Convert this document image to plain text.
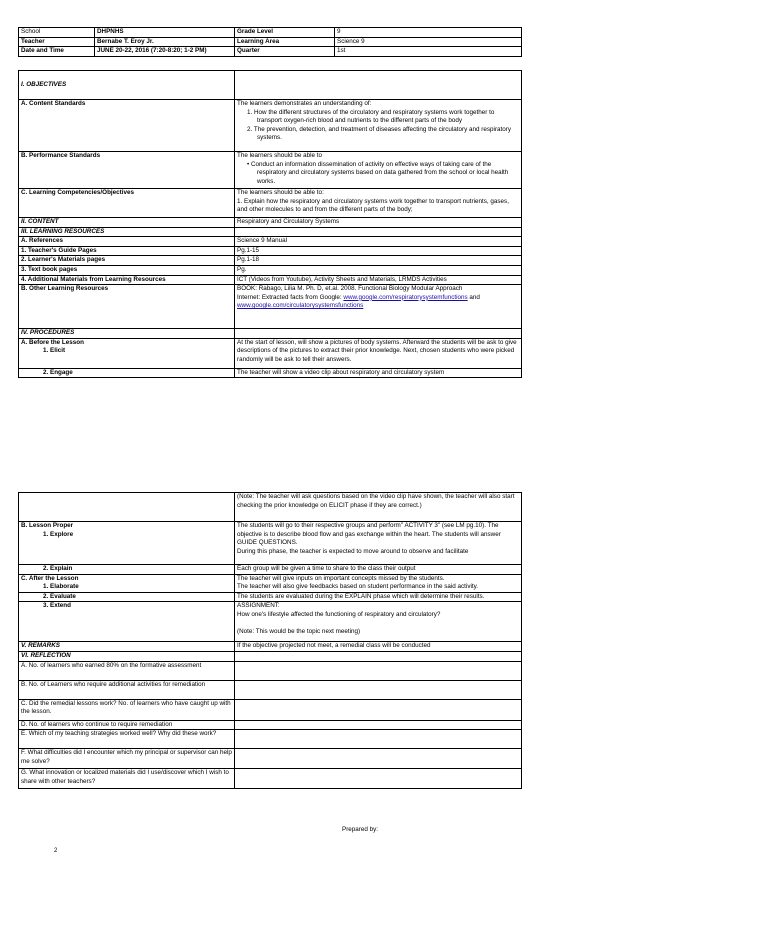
School	DHPNHS	Grade Level	9
Teacher	Bernabe T. Eroy Jr.	Learning Area	Science 9
Date and Time	JUNE 20-22, 2016 (7:20-8:20; 1-2 PM)	Quarter	1st
I. OBJECTIVES	
A. Content Standards	The learners demonstrates an understanding of:
1. How the different structures of the circulatory and respiratory systems work together to transport oxygen-rich blood and nutrients to the different parts of the body
2. The prevention, detection, and treatment of diseases affecting the circulatory and respiratory systems.

B. Performance Standards	The learners should be able to
• Conduct an information dissemination of activity on effective ways of taking care of the respiratory and circulatory systems based on data gathered from the school or local health works.

C. Learning Competencies/Objectives	The learners should be able to:
1. Explain how the respiratory and circulatory systems work together to transport nutrients, gases, and other molecules to and from the different parts of the body;

II. CONTENT	Respiratory and Circulatory Systems
III. LEARNING RESOURCES	
A. References	Science 9 Manual
1. Teacher's Guide Pages	Pg.1-15
2. Learner's Materials pages	Pg.1-18
3. Text book pages	Pg.
4. Additional Materials from Learning Resources	ICT (Videos from Youtube), Activity Sheets and Materials, LRMDS Activities
B. Other Learning Resources	BOOK: Rabago, Lilia M. Ph. D, et.al. 2008. Functional Biology Modular Approach
Internet: Extracted facts from Google: www.google.com/respiratorysystemfunctions and
www.google.com/circulatorysystemsfunctions

IV. PROCEDURES	

A. Before the Lesson
1. Elicit	At the start of lesson, will show a pictures of body systems. Afterward the students will be ask to give descriptions of the pictures to extract their prior knowledge. Next, chosen students who were picked randomly will be ask to tell their answers.

2. Engage	The teacher will show a video clip about respiratory and circulatory system
	(Note: The teacher will ask questions based on the video clip have shown, the teacher will also start checking the prior knowledge on ELICIT phase if they are correct.)

B. Lesson Proper
1. Explore	The students will go to their respective groups and perform" ACTIVITY 3" (see LM pg.10). The objective is to describe blood flow and gas exchange within the heart. The students will answer GUIDE QUESTIONS.
During this phase, the teacher is expected to move around to observe and facilitate

2. Explain	Each group will be given a time to share to the class their output

C. After the Lesson
1. Elaborate	The teacher will give inputs on important concepts missed by the students.
The teacher will also give feedbacks based on student performance in the said activity.

2. Evaluate	The students are evaluated during the EXPLAIN phase which will determine their results.

3. Extend	ASSIGNMENT:
How one's lifestyle affected the functioning of respiratory and circulatory?
(Note: This would be the topic next meeting)

V. REMARKS	If the objective projected not meet, a remedial class will be conducted
VI. REFLECTION	
A. No. of learners who earned 80% on the formative assessment	
B. No. of Learners who require additional activities for remediation	
C. Did the remedial lessons work? No. of learners who have caught up with the lesson.	
D. No. of learners who continue to require remediation	
E. Which of my teaching strategies worked well? Why did these work?	
F. What difficulties did I encounter which my principal or supervisor can help me solve?	
G. What innovation or localized materials did I use/discover which I wish to share with other teachers?	
Prepared by:
2
